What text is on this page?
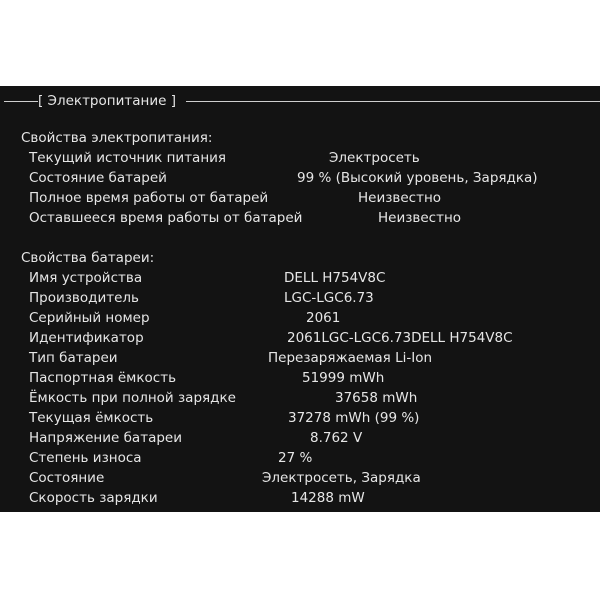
[ Электропитание ]
Свойства электропитания:
Текущий источник питания	Электросеть
Состояние батарей	99 % (Высокий уровень, Зарядка)
Полное время работы от батарей	Неизвестно
Оставшееся время работы от батарей	Неизвестно
Свойства батареи:
Имя устройства	DELL H754V8C
Производитель	LGC-LGC6.73
Серийный номер	2061
Идентификатор	2061LGC-LGC6.73DELL H754V8C
Тип батареи	Перезаряжаемая Li-Ion
Паспортная ёмкость	51999 mWh
Ёмкость при полной зарядке	37658 mWh
Текущая ёмкость	37278 mWh (99 %)
Напряжение батареи	8.762 V
Степень износа	27 %
Состояние	Электросеть, Зарядка
Скорость зарядки	14288 mW
